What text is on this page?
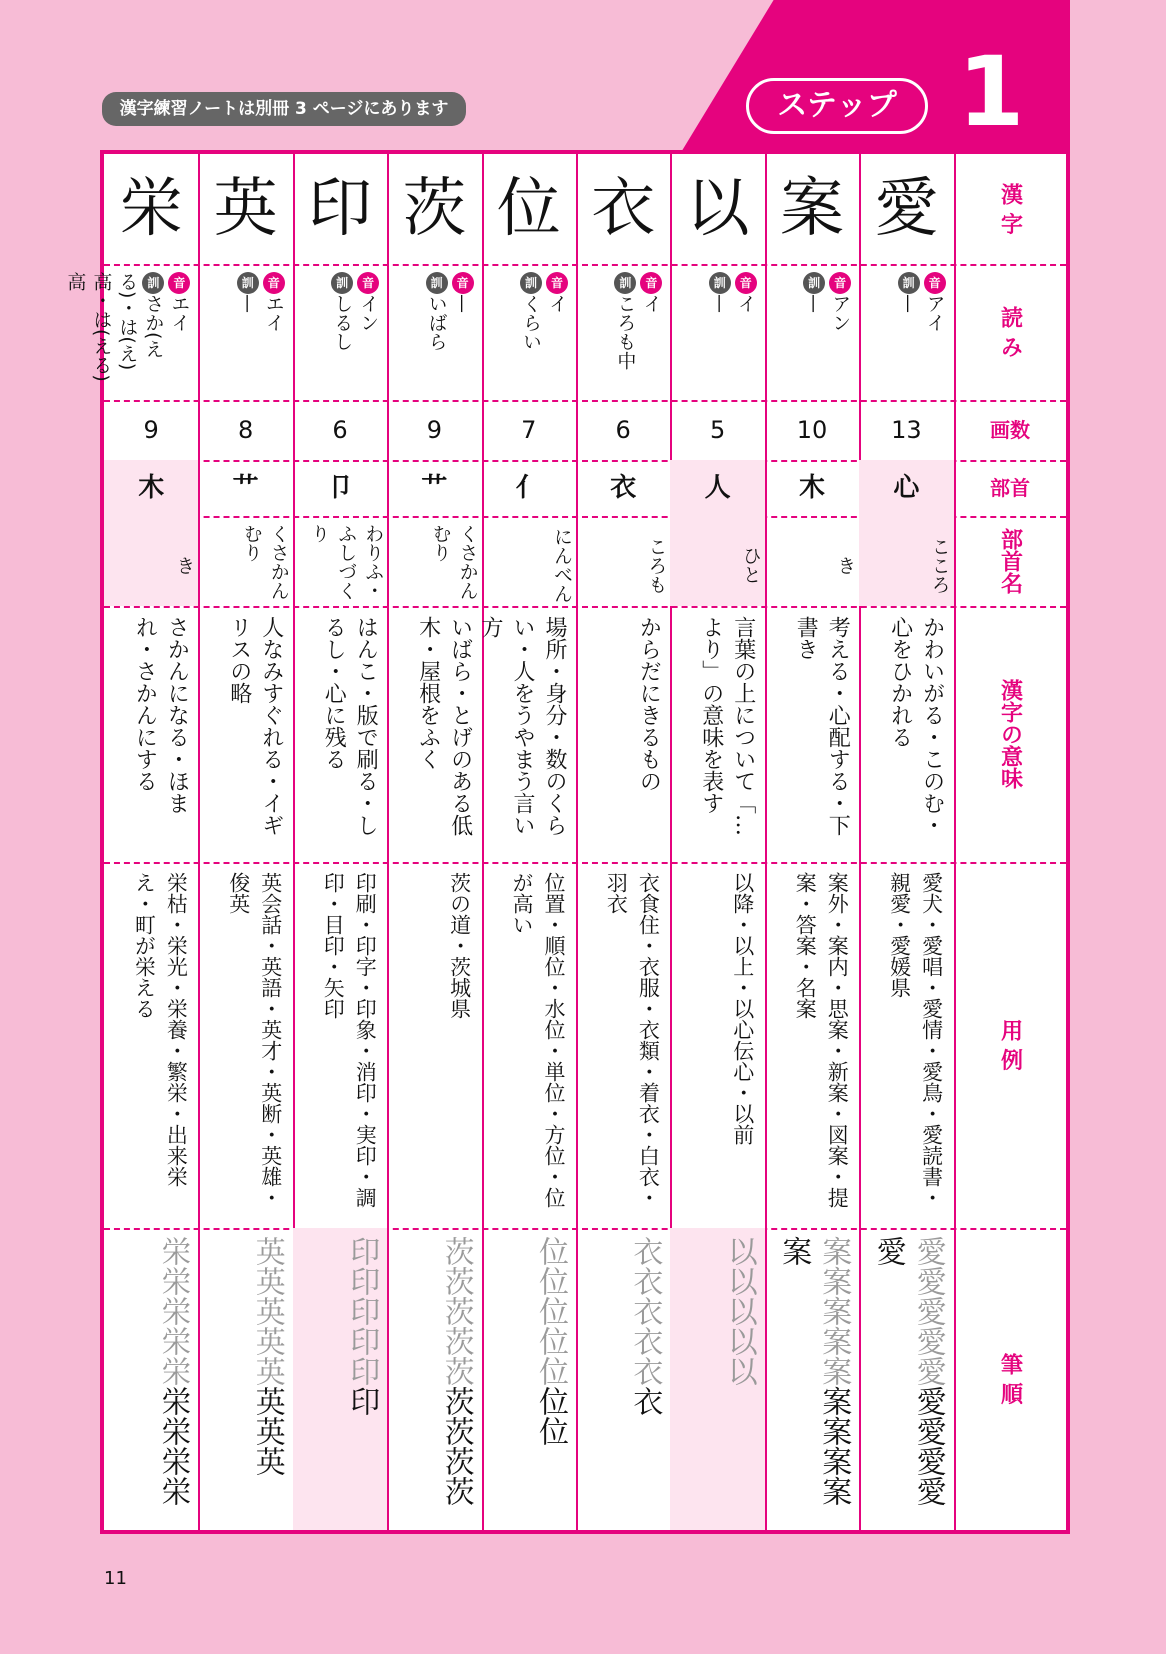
漢字練習ノートは別冊 3 ページにあります	ステップ 1
漢 字
読 み
画数
部首
部首名
漢字の意味
用 例
筆 順
栄
音エイ
訓さか(える)・は(え)高・は(える)高
9
木
き
さかんになる・ほまれ・さかんにする
栄枯・栄光・栄養・繁栄・出来栄え・町が栄える
栄栄栄栄栄栄栄栄栄
英
音エイ
訓—
8
艹
くさかんむり
人なみすぐれる・イギリスの略
英会話・英語・英才・英断・英雄・俊英
英英英英英英英英
印
音イン
訓しるし
6
卩
わりふ・ふしづくり
はんこ・版で刷る・しるし・心に残る
印刷・印字・印象・消印・実印・調印・目印・矢印
印印印印印印
茨
音—
訓いばら
9
艹
くさかんむり
いばら・とげのある低木・屋根をふく
茨の道・茨城県
茨茨茨茨茨茨茨茨茨
位
音イ
訓くらい
7
亻
にんべん
場所・身分・数のくらい・人をうやまう言い方
位置・順位・水位・単位・方位・位が高い
位位位位位位位
衣
音イ
訓ころも中
6
衣
ころも
からだにきるもの
衣食住・衣服・衣類・着衣・白衣・羽衣
衣衣衣衣衣衣
以
音イ
訓—
5
人
ひと
言葉の上について「…より」の意味を表す
以降・以上・以心伝心・以前
以以以以以
案
音アン
訓—
10
木
き
考える・心配する・下書き
案外・案内・思案・新案・図案・提案・答案・名案
案案案案案案案案案案
愛
音アイ
訓—
13
心
こころ
かわいがる・このむ・心をひかれる
愛犬・愛唱・愛情・愛鳥・愛読書・親愛・愛媛県
愛愛愛愛愛愛愛愛愛愛
11
